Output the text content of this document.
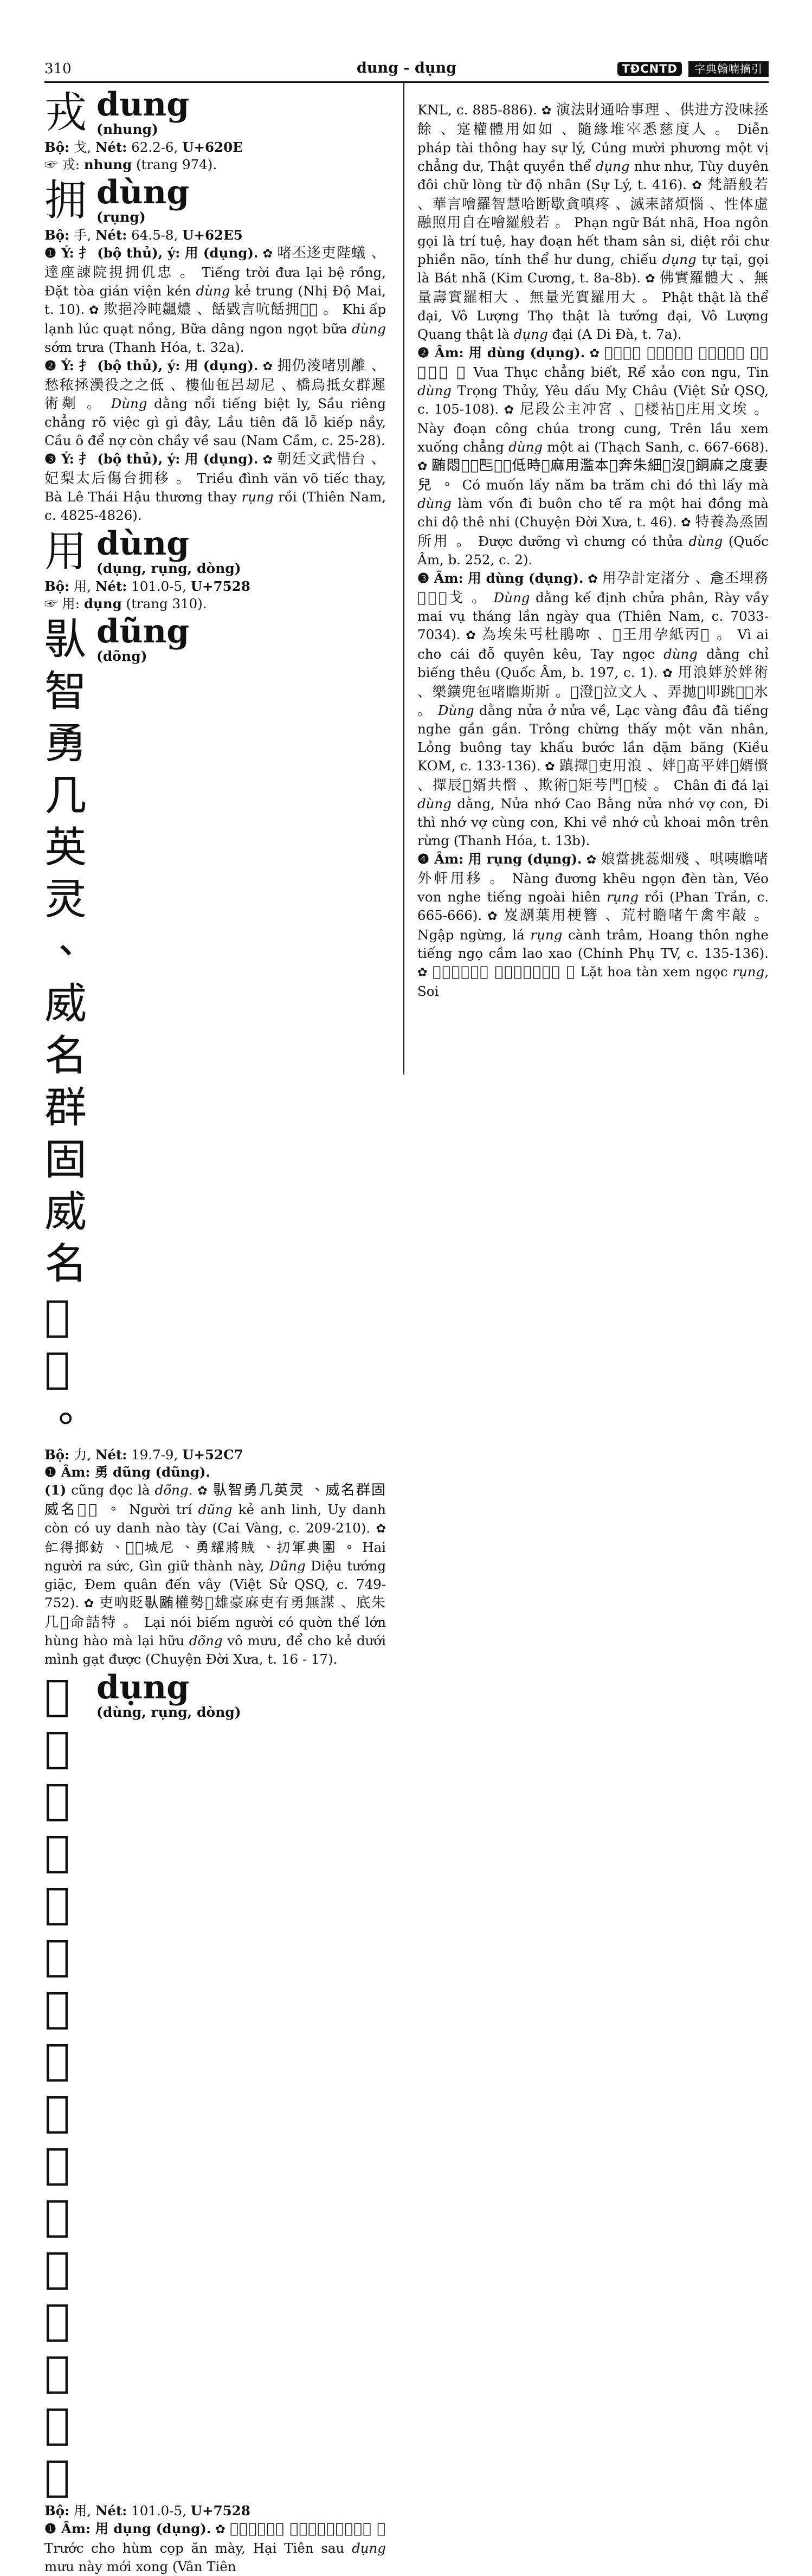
310	dung - dụng	TĐCNTD	字典翰喃摘引
戎 dung
(nhung)
Bộ: 戈, Nét: 62.2-6, U+620E
☞ 戎: nhung (trang 974).
拥 dùng
(rụng)
Bộ: 手, Nét: 64.5-8, U+62E5
❶ Ý: 扌 (bộ thủ), ý: 用 (dụng). ✿ 啫丕迻吏陛蟻 、達座諌院挸拥仉忠 。 Tiếng trời đưa lại bệ rồng, Đặt tòa gián viện kén dùng kẻ trung (Nhị Độ Mai, t. 10). ✿ 欺挹冷旽飊燶 、餂戥言吭餂拥𣋚𣈜 。 Khi ấp lạnh lúc quạt nồng, Bữa dâng ngon ngọt bữa dùng sớm trưa (Thanh Hóa, t. 32a).
❷ Ý: 扌 (bộ thủ), ý: 用 (dụng). ✿ 拥仍淩啫別離 、愁秾拯㶔役之之低 、樓仙㐌呂刼尼 、橋烏抵女群遲術㔂 。 Dùng dằng nổi tiếng biệt ly, Sầu riêng chẳng rõ việc gì gì đây, Lầu tiên đã lỗ kiếp nầy, Cầu ô để nợ còn chầy về sau (Nam Cầm, c. 25-28).
❸ Ý: 扌 (bộ thủ), ý: 用 (dụng). ✿ 朝廷文武惜台 、妃梨太后傷台拥移 。 Triều đình văn võ tiếc thay, Bà Lê Thái Hậu thương thay rụng rồi (Thiên Nam, c. 4825-4826).
用 dùng
(dụng, rụng, dòng)
Bộ: 用, Nét: 101.0-5, U+7528
☞ 用: dụng (trang 310).
𠊛智勇几英灵 、威名群固威名𢭗𢫂 。
dũng
(dõng)
Bộ: 力, Nét: 19.7-9, U+52C7
❶ Âm: 勇 dũng (dũng).
(1) cũng đọc là dõng. ✿ 𠊛智勇几英灵 、威名群固威名𢭗𢫂 。 Người trí dũng kẻ anh linh, Uy danh còn có uy danh nào tày (Cai Vàng, c. 209-210). ✿ 𠄩得𢲲鈁 、𦣰𡨹城尼 、勇耀將賊 、㧅軍典圍 。 Hai người ra sức, Gìn giữ thành này, Dũng Diệu tướng giặc, Đem quân đến vây (Việt Sử QSQ, c. 749-752). ✿ 吏吶貶𠊛𣎏權勢𫢩雄豪麻吏有勇無謀 、底朱几𠁑命詰特 。 Lại nói biếm người có quờn thế lớn hùng hào mà lại hữu dõng vô mưu, để cho kẻ dưới mình gạt được (Chuyện Đời Xưa, t. 16 - 17).
𤞻朱𩛄𩚵咹𠶆 、害仙𢫃用謀呢買衝 。
dụng
(dùng, rụng, dòng)
Bộ: 用, Nét: 101.0-5, U+7528
❶ Âm: 用 dụng (dụng). ✿ 𤞻朱𩛄𩚵咹𠶆 、害仙𢫃用謀呢買衝 。 Trước cho hùm cọp ăn mày, Hại Tiên sau dụng mưu này mới xong (Vân Tiên
KNL, c. 885-886). ✿ 演法財通哈事理 、供进方没味拯餘 、寔權體用如如 、隨緣堆𡨧悉慈度人 。 Diễn pháp tài thông hay sự lý, Cúng mười phương một vị chẳng dư, Thật quyền thể dụng như như, Tùy duyên đôi chữ lòng từ độ nhân (Sự Lý, t. 416). ✿ 梵語般若 、華言噲羅智慧哈断歇貪嗔疼 、滅耒諸煩惱 、性体虛融照用自在噲羅般若 。 Phạn ngữ Bát nhã, Hoa ngôn gọi là trí tuệ, hay đoạn hết tham sân si, diệt rồi chư phiền não, tính thể hư dung, chiếu dụng tự tại, gọi là Bát nhã (Kim Cương, t. 8a-8b). ✿ 佛實羅體大 、無量壽實羅相大 、無量光實羅用大 。 Phật thật là thể đại, Vô Lượng Thọ thật là tướng đại, Vô Lượng Quang thật là dụng đại (A Di Đà, t. 7a).
❷ Âm: 用 dùng (dụng). ✿ 𢀨蜀拯別 、婿巧𢤞愚 、信用仲始 、忕𢚸媚珠 。 Vua Thục chẳng biết, Rể xảo con ngu, Tin dùng Trọng Thủy, Yêu dấu Mỵ Châu (Việt Sử QSQ, c. 105-108). ✿ 尼段公主冲宮 、𨖅楼袩𢯦庄用文埃 。 Này đoạn công chúa trong cung, Trên lầu xem xuống chẳng dùng một ai (Thạch Sanh, c. 667-668). ✿ 𣎏悶𥙩𠄼𠀧𤾓𠄩低時𥙩麻用濫本𢶢奔朱細𠰘沒𠄩銅麻之度妻兒 。 Có muốn lấy năm ba trăm chi đó thì lấy mà dùng làm vốn đi buôn cho tế ra một hai đồng mà chi độ thê nhi (Chuyện Đời Xưa, t. 46). ✿ 特養為烝固所用 。 Được dưỡng vì chưng có thửa dùng (Quốc Âm, b. 252, c. 2).
❸ Âm: 用 dùng (dụng). ✿ 用孕計定渚分 、𠉞丕埋務𦝄𠓨𨍦戈 。 Dùng dằng kế định chửa phân, Rày vầy mai vụ tháng lần ngày qua (Thiên Nam, c. 7033-7034). ✿ 為埃朱丐杜鵑𠰚 、𢬣王用孕紙丙𦀊 。 Vì ai cho cái đỗ quyên kêu, Tay ngọc dùng dằng chỉ biếng thêu (Quốc Âm, b. 197, c. 1). ✿ 用浪姅於姅術 、樂鐄兜㐌啫瞻斯斯 。𪟡澄𧡊泣文人 、弄拋𢯏叩跳𠓨𨀈氷 。 Dùng dằng nửa ở nửa về, Lạc vàng đâu đã tiếng nghe gần gần. Trông chừng thấy một văn nhân, Lỏng buông tay khấu bước lần dặm băng (Kiều KOM, c. 133-136). ✿ 蹎𢶢𥒥吏用浪 、姅𢜠髙平姅𢜠婿𢤞 、𢶢辰𢜠婿共𢤞 、欺術𢜠矩芌門𨖅棱 。 Chân đi đá lại dùng dằng, Nửa nhớ Cao Bằng nửa nhớ vợ con, Đi thì nhớ vợ cùng con, Khi về nhớ củ khoai môn trên rừng (Thanh Hóa, t. 13b).
❹ Âm: 用 rụng (dụng). ✿ 娘當挑蕊畑殘 、唭咦瞻啫外軒用移 。 Nàng đương khêu ngọn đèn tàn, Véo von nghe tiếng ngoài hiên rụng rồi (Phan Trần, c. 665-666). ✿ 岌𣸠葉用梗簪 、荒村瞻啫午禽牢敲 。 Ngập ngừng, lá rụng cành trâm, Hoang thôn nghe tiếng ngọ cầm lao xao (Chinh Phụ TV, c. 135-136). ✿ 𢯏花殘袩王用 、𤒘月𩙍𥙗畑扸 。 Lặt hoa tàn xem ngọc rụng, Soi
